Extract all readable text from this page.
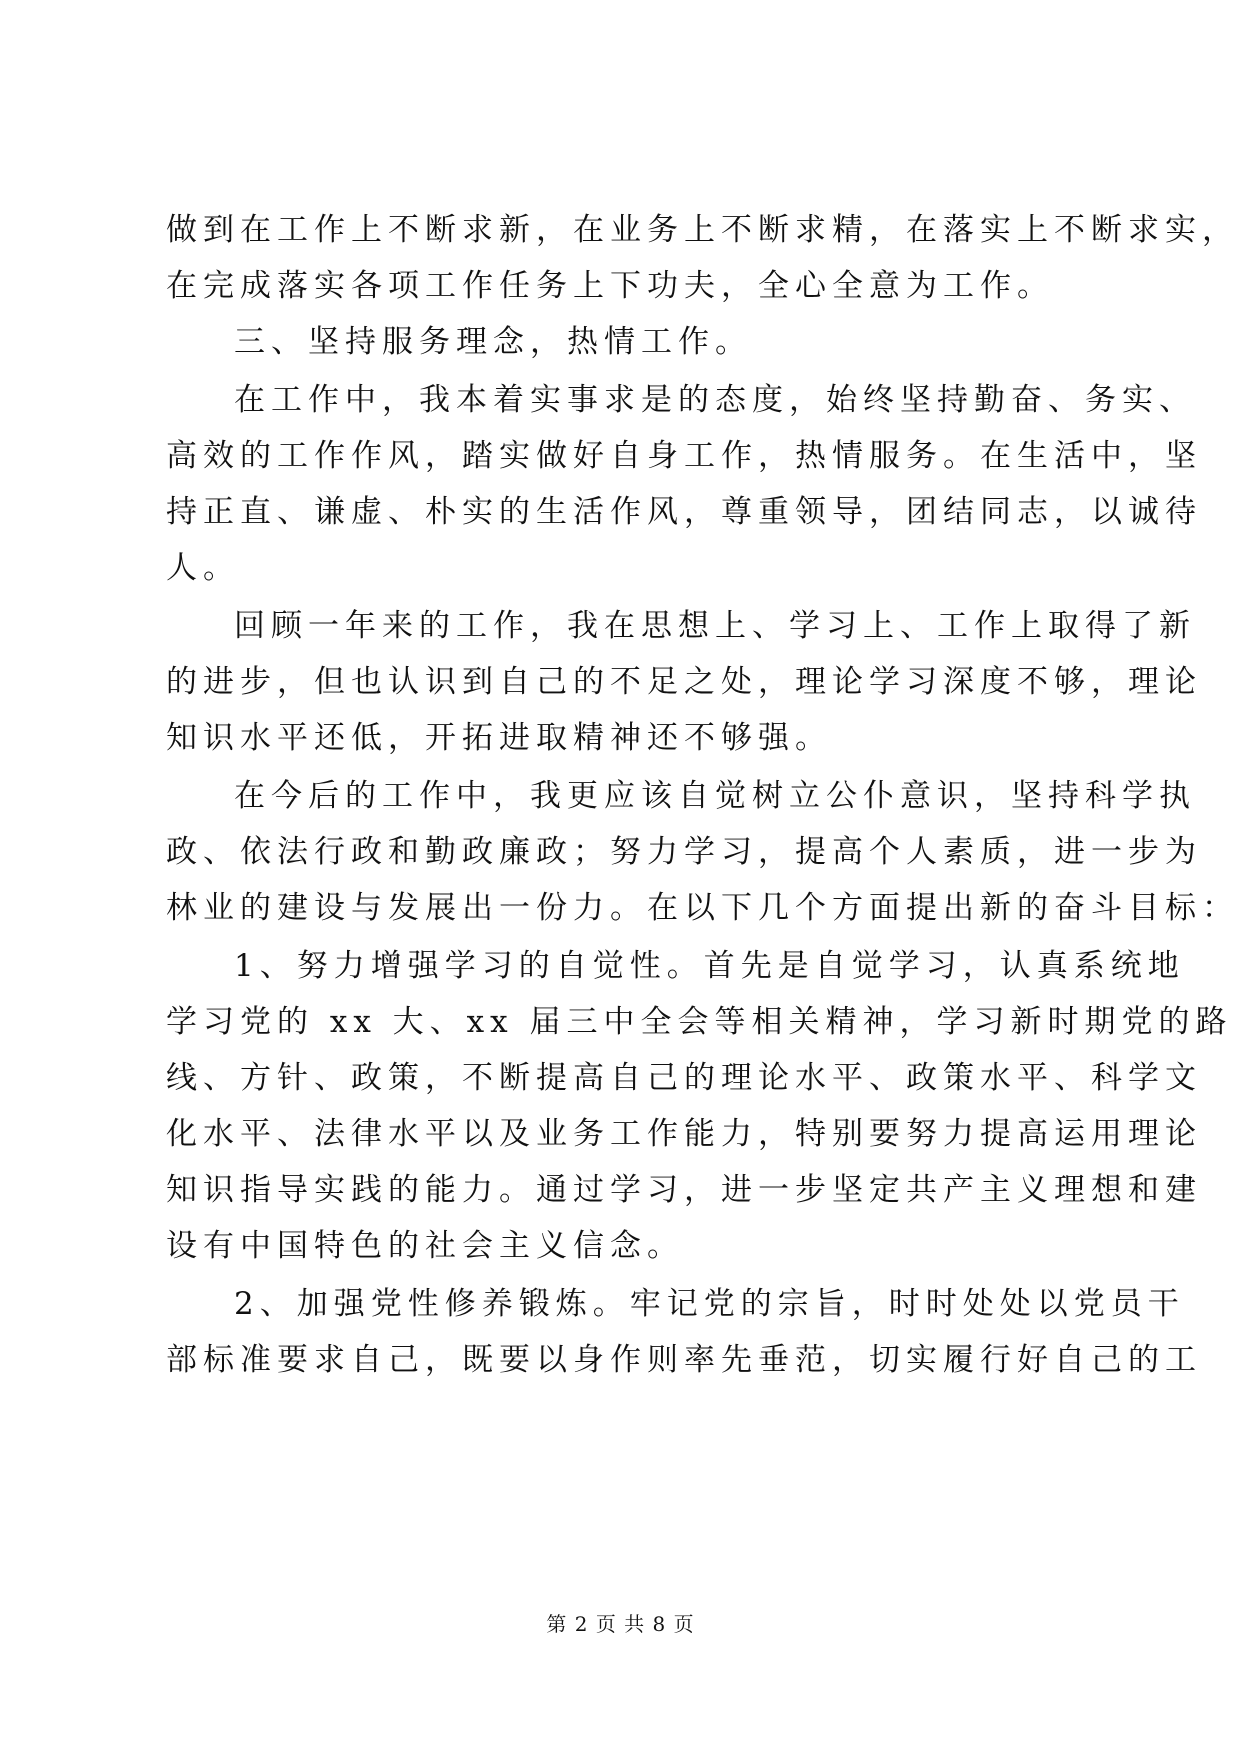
做到在工作上不断求新，在业务上不断求精，在落实上不断求实，
在完成落实各项工作任务上下功夫，全心全意为工作。
三、坚持服务理念，热情工作。
在工作中，我本着实事求是的态度，始终坚持勤奋、务实、
高效的工作作风，踏实做好自身工作，热情服务。在生活中，坚
持正直、谦虚、朴实的生活作风，尊重领导，团结同志，以诚待
人。
回顾一年来的工作，我在思想上、学习上、工作上取得了新
的进步，但也认识到自己的不足之处，理论学习深度不够，理论
知识水平还低，开拓进取精神还不够强。
在今后的工作中，我更应该自觉树立公仆意识，坚持科学执
政、依法行政和勤政廉政；努力学习，提高个人素质，进一步为
林业的建设与发展出一份力。在以下几个方面提出新的奋斗目标：
1、努力增强学习的自觉性。首先是自觉学习，认真系统地
学习党的 xx 大、xx 届三中全会等相关精神，学习新时期党的路
线、方针、政策，不断提高自己的理论水平、政策水平、科学文
化水平、法律水平以及业务工作能力，特别要努力提高运用理论
知识指导实践的能力。通过学习，进一步坚定共产主义理想和建
设有中国特色的社会主义信念。
2、加强党性修养锻炼。牢记党的宗旨，时时处处以党员干
部标准要求自己，既要以身作则率先垂范，切实履行好自己的工
第 2 页 共 8 页
